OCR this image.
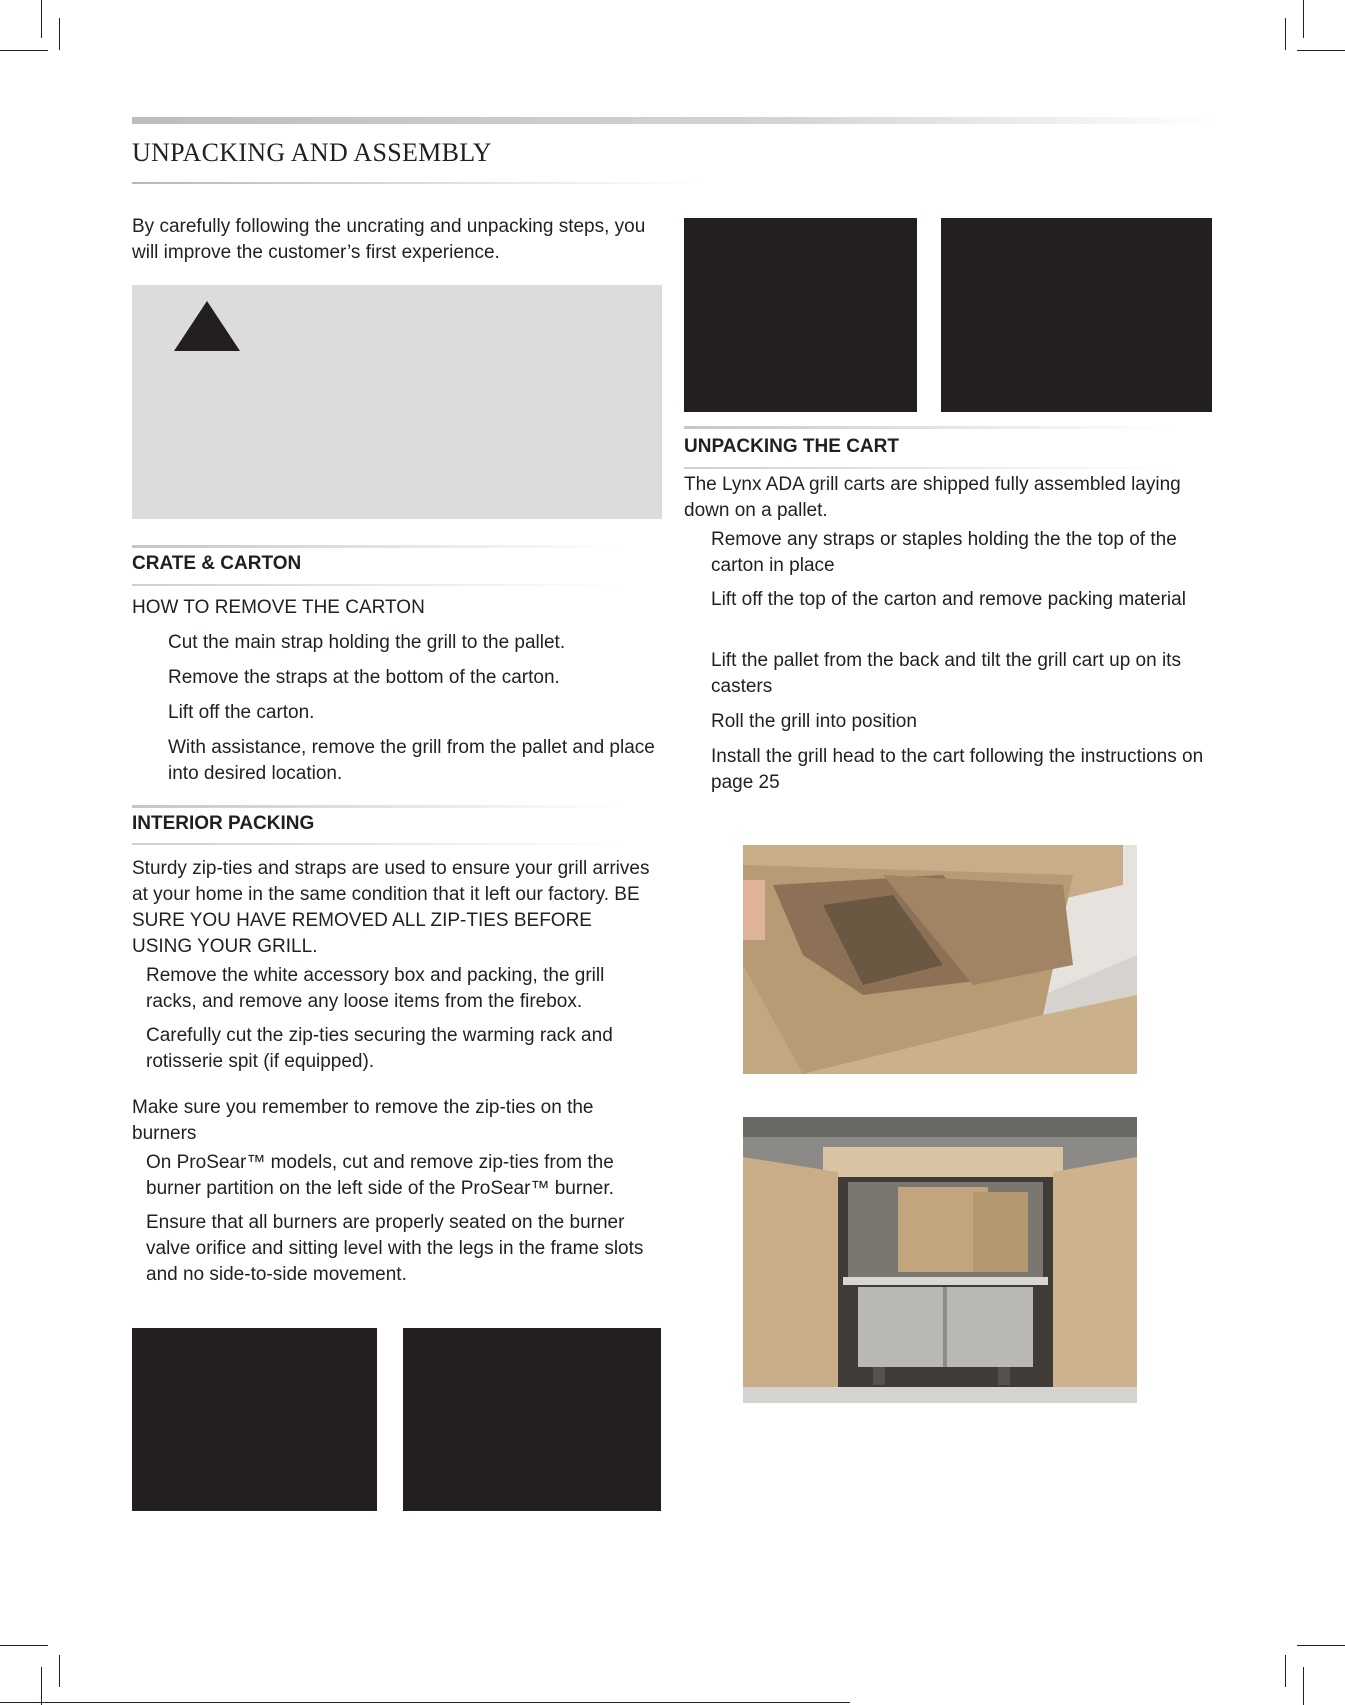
UNPACKING AND ASSEMBLY

By carefully following the uncrating and unpacking steps, you will improve the customer’s first experience.

CRATE & CARTON

HOW TO REMOVE THE CARTON

Cut the main strap holding the grill to the pallet.

Remove the straps at the bottom of the carton.

Lift off the carton.

With assistance, remove the grill from the pallet and place into desired location.

INTERIOR PACKING

Sturdy zip-ties and straps are used to ensure your grill arrives at your home in the same condition that it left our factory. BE SURE YOU HAVE REMOVED ALL ZIP-TIES BEFORE USING YOUR GRILL.

Remove the white accessory box and packing, the grill racks, and remove any loose items from the firebox.

Carefully cut the zip-ties securing the warming rack and rotisserie spit (if equipped).

Make sure you remember to remove the zip-ties on the burners

On ProSear™ models, cut and remove zip-ties from the burner partition on the left side of the ProSear™ burner.

Ensure that all burners are properly seated on the burner valve orifice and sitting level with the legs in the frame slots and no side-to-side movement.

UNPACKING THE CART

The Lynx ADA grill carts are shipped fully assembled laying down on a pallet.

Remove any straps or staples holding the the top of the carton in place

Lift off the top of the carton and remove packing material

Lift the pallet from the back and tilt the grill cart up on its casters

Roll the grill into position

Install the grill head to the cart following the instructions on page 25
